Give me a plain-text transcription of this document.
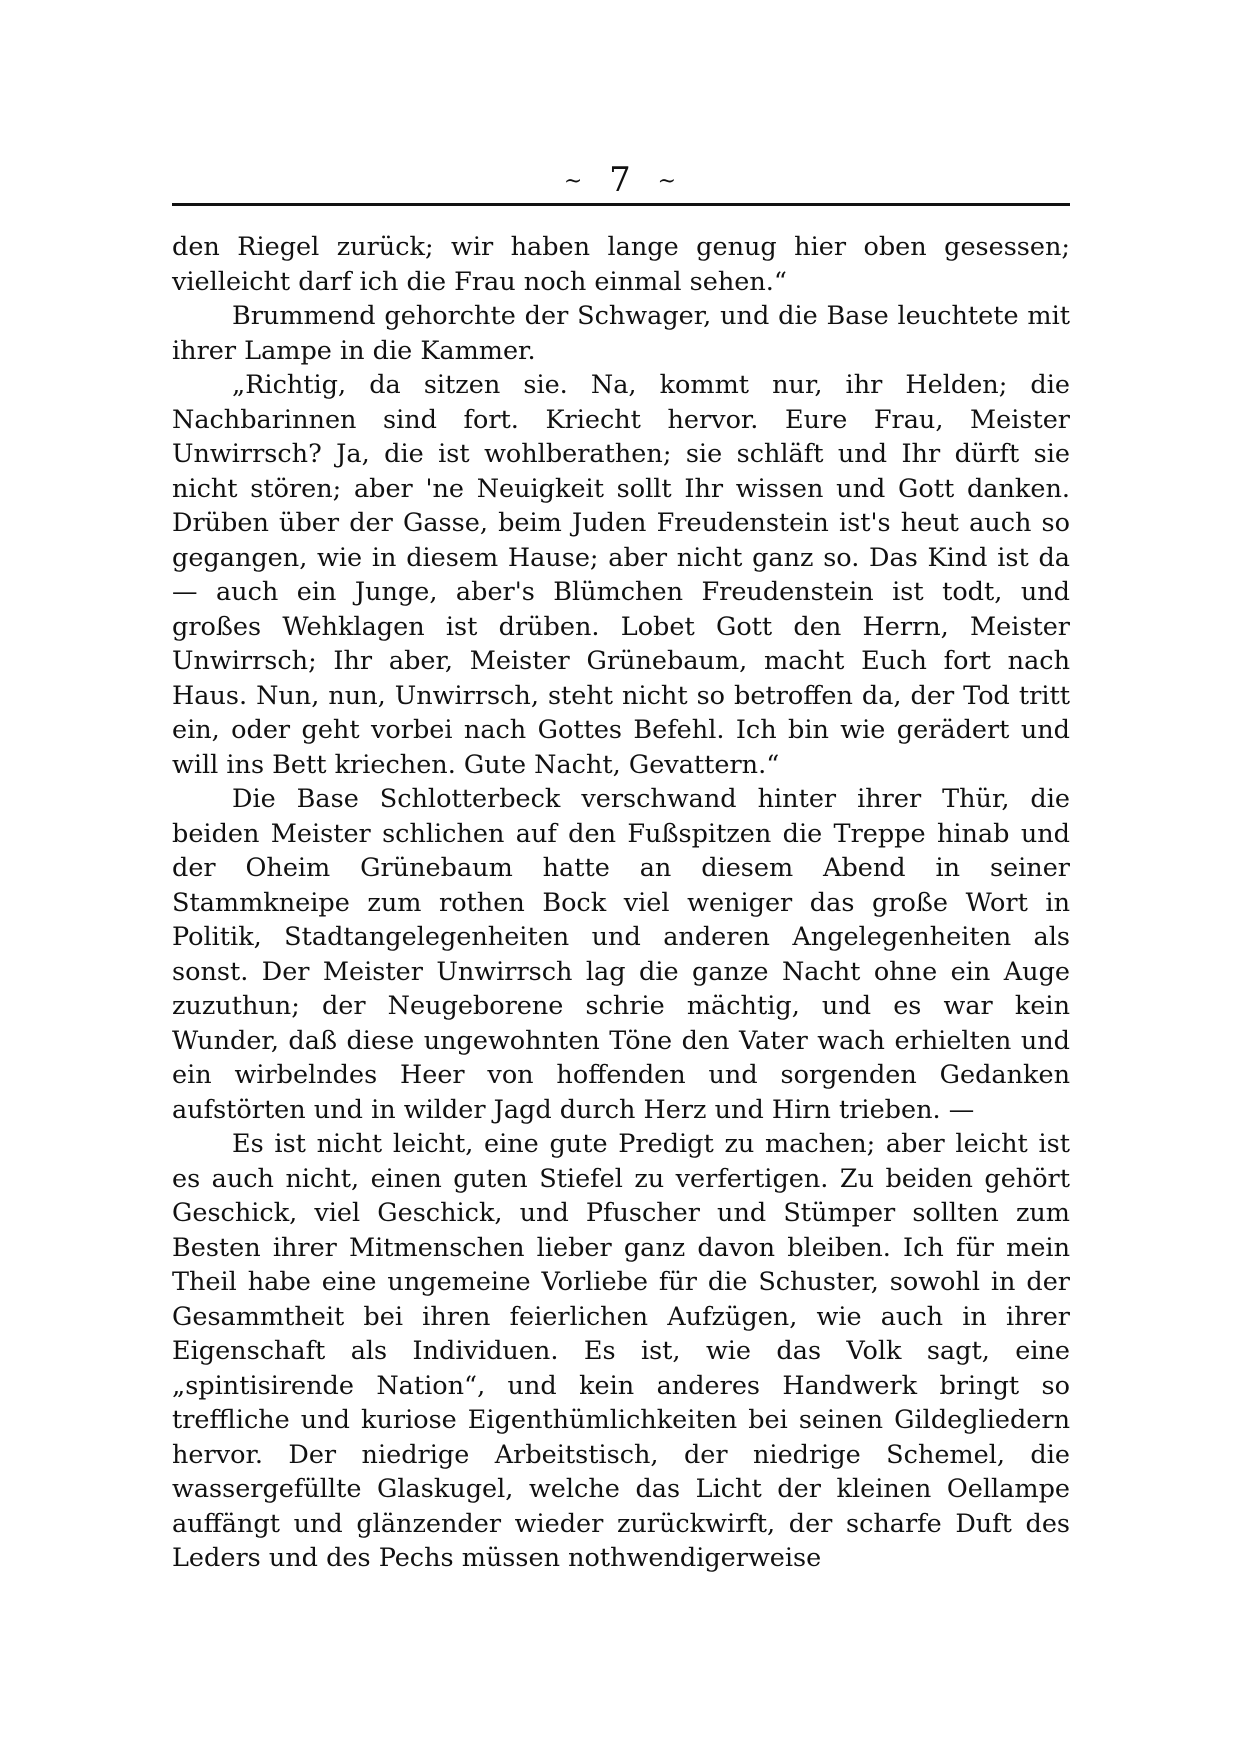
~ 7 ~

den Riegel zurück; wir haben lange genug hier oben gesessen; vielleicht darf ich die Frau noch einmal sehen.“

Brummend gehorchte der Schwager, und die Base leuchtete mit ihrer Lampe in die Kammer.

„Richtig, da sitzen sie. Na, kommt nur, ihr Helden; die Nachbarinnen sind fort. Kriecht hervor. Eure Frau, Meister Unwirrsch? Ja, die ist wohlberathen; sie schläft und Ihr dürft sie nicht stören; aber 'ne Neuigkeit sollt Ihr wissen und Gott danken. Drüben über der Gasse, beim Juden Freudenstein ist's heut auch so gegangen, wie in diesem Hause; aber nicht ganz so. Das Kind ist da — auch ein Junge, aber's Blümchen Freudenstein ist todt, und großes Wehklagen ist drüben. Lobet Gott den Herrn, Meister Unwirrsch; Ihr aber, Meister Grünebaum, macht Euch fort nach Haus. Nun, nun, Unwirrsch, steht nicht so betroffen da, der Tod tritt ein, oder geht vorbei nach Gottes Befehl. Ich bin wie gerädert und will ins Bett kriechen. Gute Nacht, Gevattern.“

Die Base Schlotterbeck verschwand hinter ihrer Thür, die beiden Meister schlichen auf den Fußspitzen die Treppe hinab und der Oheim Grünebaum hatte an diesem Abend in seiner Stammkneipe zum rothen Bock viel weniger das große Wort in Politik, Stadtangelegenheiten und anderen Angelegenheiten als sonst. Der Meister Unwirrsch lag die ganze Nacht ohne ein Auge zuzuthun; der Neugeborene schrie mächtig, und es war kein Wunder, daß diese ungewohnten Töne den Vater wach erhielten und ein wirbelndes Heer von hoffenden und sorgenden Gedanken aufstörten und in wilder Jagd durch Herz und Hirn trieben. —

Es ist nicht leicht, eine gute Predigt zu machen; aber leicht ist es auch nicht, einen guten Stiefel zu verfertigen. Zu beiden gehört Geschick, viel Geschick, und Pfuscher und Stümper sollten zum Besten ihrer Mitmenschen lieber ganz davon bleiben. Ich für mein Theil habe eine ungemeine Vorliebe für die Schuster, sowohl in der Gesammtheit bei ihren feierlichen Aufzügen, wie auch in ihrer Eigenschaft als Individuen. Es ist, wie das Volk sagt, eine „spintisirende Nation“, und kein anderes Handwerk bringt so treffliche und kuriose Eigenthümlichkeiten bei seinen Gildegliedern hervor. Der niedrige Arbeitstisch, der niedrige Schemel, die wassergefüllte Glaskugel, welche das Licht der kleinen Oellampe auffängt und glänzender wieder zurückwirft, der scharfe Duft des Leders und des Pechs müssen nothwendigerweise
